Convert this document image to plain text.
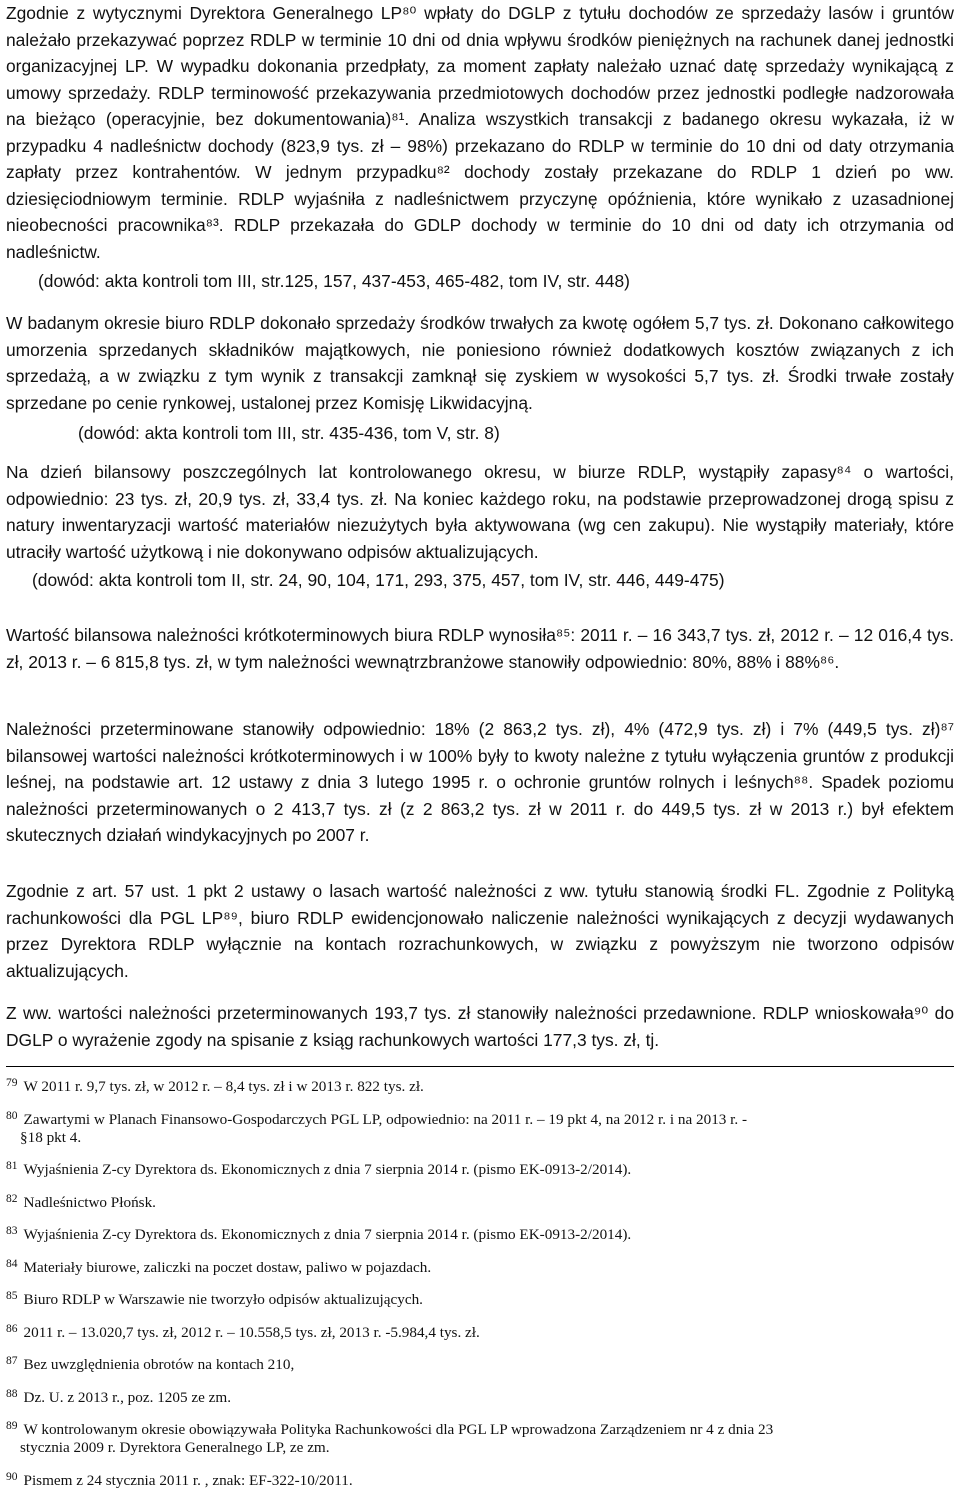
Zgodnie z wytycznymi Dyrektora Generalnego LP⁸⁰ wpłaty do DGLP z tytułu dochodów ze sprzedaży lasów i gruntów należało przekazywać poprzez RDLP w terminie 10 dni od dnia wpływu środków pieniężnych na rachunek danej jednostki organizacyjnej LP. W wypadku dokonania przedpłaty, za moment zapłaty należało uznać datę sprzedaży wynikającą z umowy sprzedaży. RDLP terminowość przekazywania przedmiotowych dochodów przez jednostki podległe nadzorowała na bieżąco (operacyjnie, bez dokumentowania)⁸¹. Analiza wszystkich transakcji z badanego okresu wykazała, iż w przypadku 4 nadleśnictw dochody (823,9 tys. zł – 98%) przekazano do RDLP w terminie do 10 dni od daty otrzymania zapłaty przez kontrahentów. W jednym przypadku⁸² dochody zostały przekazane do RDLP 1 dzień po ww. dziesięciodniowym terminie. RDLP wyjaśniła z nadleśnictwem przyczynę opóźnienia, które wynikało z uzasadnionej nieobecności pracownika⁸³. RDLP przekazała do GDLP dochody w terminie do 10 dni od daty ich otrzymania od nadleśnictw.

(dowód: akta kontroli tom III, str.125, 157, 437-453, 465-482, tom IV, str. 448)

W badanym okresie biuro RDLP dokonało sprzedaży środków trwałych za kwotę ogółem 5,7 tys. zł. Dokonano całkowitego umorzenia sprzedanych składników majątkowych, nie poniesiono również dodatkowych kosztów związanych z ich sprzedażą, a w związku z tym wynik z transakcji zamknął się zyskiem w wysokości 5,7 tys. zł. Środki trwałe zostały sprzedane po cenie rynkowej, ustalonej przez Komisję Likwidacyjną.

(dowód: akta kontroli tom III, str. 435-436, tom V, str. 8)

Na dzień bilansowy poszczególnych lat kontrolowanego okresu, w biurze RDLP, wystąpiły zapasy⁸⁴ o wartości, odpowiednio: 23 tys. zł, 20,9 tys. zł, 33,4 tys. zł. Na koniec każdego roku, na podstawie przeprowadzonej drogą spisu z natury inwentaryzacji wartość materiałów niezużytych była aktywowana (wg cen zakupu). Nie wystąpiły materiały, które utraciły wartość użytkową i nie dokonywano odpisów aktualizujących.

(dowód: akta kontroli tom II, str. 24, 90, 104, 171, 293, 375, 457, tom IV, str. 446, 449-475)

Wartość bilansowa należności krótkoterminowych biura RDLP wynosiła⁸⁵: 2011 r. – 16 343,7 tys. zł, 2012 r. – 12 016,4 tys. zł, 2013 r. – 6 815,8 tys. zł, w tym należności wewnątrzbranżowe stanowiły odpowiednio: 80%, 88% i 88%⁸⁶.

Należności przeterminowane stanowiły odpowiednio: 18% (2 863,2 tys. zł), 4% (472,9 tys. zł) i 7% (449,5 tys. zł)⁸⁷ bilansowej wartości należności krótkoterminowych i w 100% były to kwoty należne z tytułu wyłączenia gruntów z produkcji leśnej, na podstawie art. 12 ustawy z dnia 3 lutego 1995 r. o ochronie gruntów rolnych i leśnych⁸⁸. Spadek poziomu należności przeterminowanych o 2 413,7 tys. zł (z 2 863,2 tys. zł w 2011 r. do 449,5 tys. zł w 2013 r.) był efektem skutecznych działań windykacyjnych po 2007 r.

Zgodnie z art. 57 ust. 1 pkt 2 ustawy o lasach wartość należności z ww. tytułu stanowią środki FL. Zgodnie z Polityką rachunkowości dla PGL LP⁸⁹, biuro RDLP ewidencjonowało naliczenie należności wynikających z decyzji wydawanych przez Dyrektora RDLP wyłącznie na kontach rozrachunkowych, w związku z powyższym nie tworzono odpisów aktualizujących.

Z ww. wartości należności przeterminowanych 193,7 tys. zł stanowiły należności przedawnione. RDLP wnioskowała⁹⁰ do DGLP o wyrażenie zgody na spisanie z ksiąg rachunkowych wartości 177,3 tys. zł, tj.

$^{79}$ W 2011 r. 9,7 tys. zł, w 2012 r. – 8,4 tys. zł i w 2013 r. 822 tys. zł.

$^{80}$ Zawartymi w Planach Finansowo-Gospodarczych PGL LP, odpowiednio: na 2011 r. – 19 pkt 4, na 2012 r. i na 2013 r. -
§18 pkt 4.

$^{81}$ Wyjaśnienia Z-cy Dyrektora ds. Ekonomicznych z dnia 7 sierpnia 2014 r. (pismo EK-0913-2/2014).

$^{82}$ Nadleśnictwo Płońsk.

$^{83}$ Wyjaśnienia Z-cy Dyrektora ds. Ekonomicznych z dnia 7 sierpnia 2014 r. (pismo EK-0913-2/2014).

$^{84}$ Materiały biurowe, zaliczki na poczet dostaw, paliwo w pojazdach.

$^{85}$ Biuro RDLP w Warszawie nie tworzyło odpisów aktualizujących.

$^{86}$ 2011 r. – 13.020,7 tys. zł, 2012 r. – 10.558,5 tys. zł, 2013 r. -5.984,4 tys. zł.

$^{87}$ Bez uwzględnienia obrotów na kontach 210,

$^{88}$ Dz. U. z 2013 r., poz. 1205 ze zm.

$^{89}$ W kontrolowanym okresie obowiązywała Polityka Rachunkowości dla PGL LP wprowadzona Zarządzeniem nr 4 z dnia 23
stycznia 2009 r. Dyrektora Generalnego LP, ze zm.

$^{90}$ Pismem z 24 stycznia 2011 r. , znak: EF-322-10/2011.
